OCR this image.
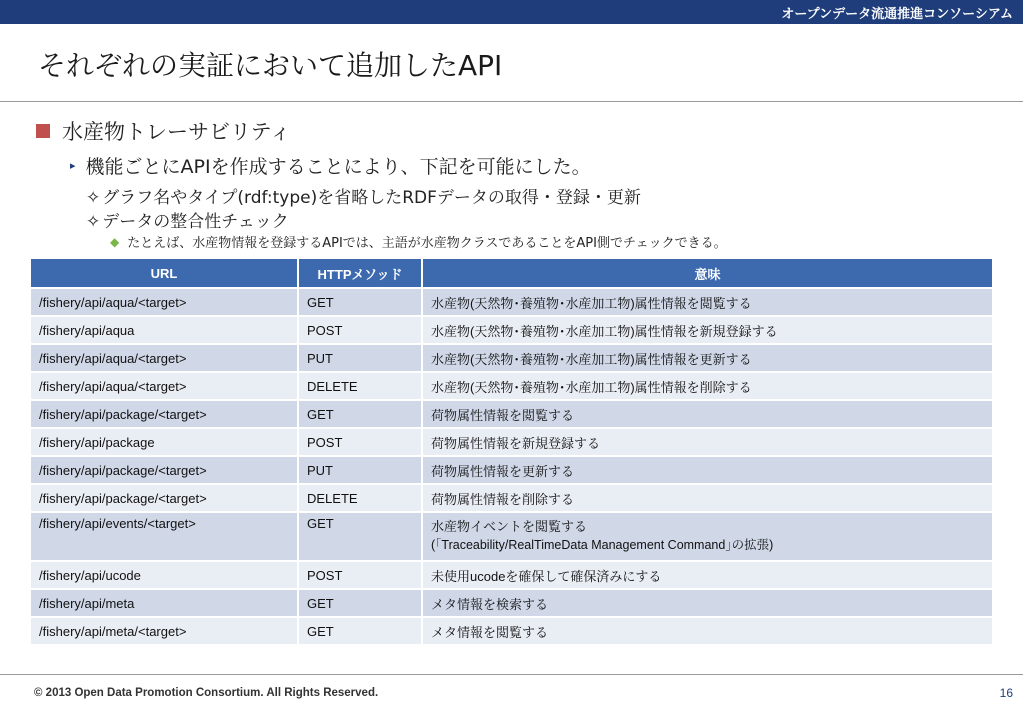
オープンデータ流通推進コンソーシアム
それぞれの実証において追加したAPI
水産物トレーサビリティ
▸ 機能ごとにAPIを作成することにより、下記を可能にした。
✧ グラフ名やタイプ(rdf:type)を省略したRDFデータの取得・登録・更新
✧ データの整合性チェック
◆ たとえば、水産物情報を登録するAPIでは、主語が水産物クラスであることをAPI側でチェックできる。
URL	HTTPメソッド	意味
/fishery/api/aqua/<target>	GET	水産物(天然物･養殖物･水産加工物)属性情報を閲覧する
/fishery/api/aqua	POST	水産物(天然物･養殖物･水産加工物)属性情報を新規登録する
/fishery/api/aqua/<target>	PUT	水産物(天然物･養殖物･水産加工物)属性情報を更新する
/fishery/api/aqua/<target>	DELETE	水産物(天然物･養殖物･水産加工物)属性情報を削除する
/fishery/api/package/<target>	GET	荷物属性情報を閲覧する
/fishery/api/package	POST	荷物属性情報を新規登録する
/fishery/api/package/<target>	PUT	荷物属性情報を更新する
/fishery/api/package/<target>	DELETE	荷物属性情報を削除する
/fishery/api/events/<target>	GET	水産物イベントを閲覧する
(｢Traceability/RealTimeData Management Command｣の拡張)

/fishery/api/ucode	POST	未使用ucodeを確保して確保済みにする
/fishery/api/meta	GET	メタ情報を検索する
/fishery/api/meta/<target>	GET	メタ情報を閲覧する
© 2013 Open Data Promotion Consortium. All Rights Reserved.	16
